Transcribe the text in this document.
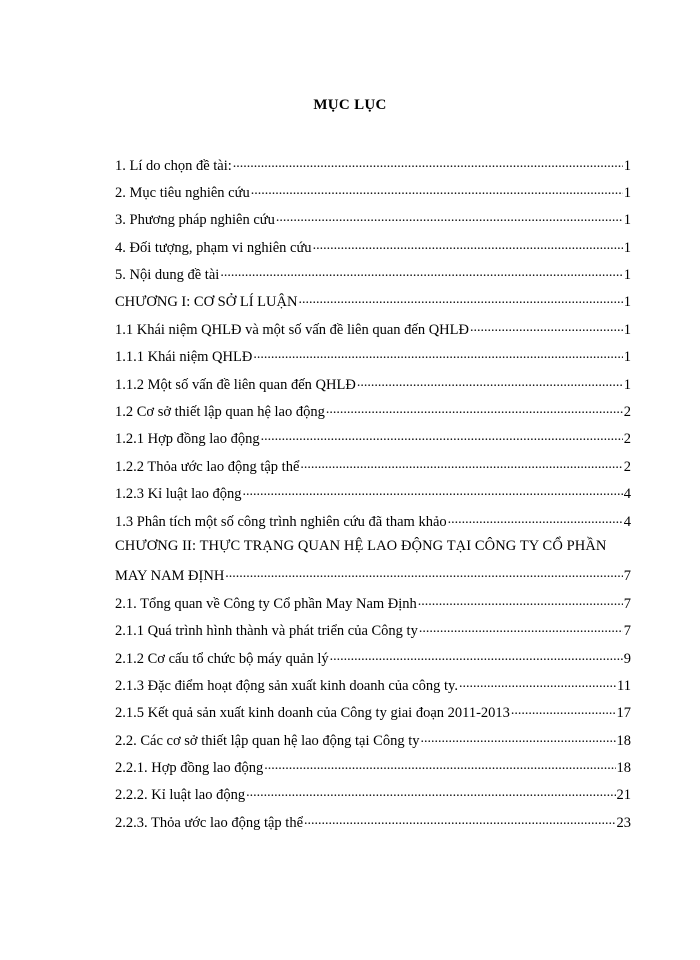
MỤC LỤC
1. Lí do chọn đề tài: .....	1
2. Mục tiêu nghiên cứu .....	1
3. Phương pháp nghiên cứu .....	1
4. Đối tượng, phạm vi nghiên cứu .....	1
5. Nội dung đề tài .....	1
CHƯƠNG I: CƠ SỞ LÍ LUẬN .....	1
1.1 Khái niệm QHLĐ và một số vấn đề liên quan đến QHLĐ .....	1
1.1.1 Khái niệm QHLĐ .....	1
1.1.2 Một số vấn đề liên quan đến QHLĐ .....	1
1.2 Cơ sở thiết lập quan hệ lao động .....	2
1.2.1 Hợp đồng lao động .....	2
1.2.2 Thỏa ước lao động tập thể .....	2
1.2.3 Kỉ luật lao động .....	4
1.3 Phân tích một số công trình nghiên cứu đã tham khảo .....	4
CHƯƠNG II: THỰC TRẠNG QUAN HỆ LAO ĐỘNG TẠI CÔNG TY CỔ PHẦN
MAY NAM ĐỊNH .....	7
2.1. Tổng quan về Công ty Cổ phần May Nam Định .....	7
2.1.1 Quá trình hình thành và phát triển của Công ty .....	7
2.1.2 Cơ cấu tổ chức bộ máy quản lý .....	9
2.1.3 Đặc điểm hoạt động sản xuất kinh doanh của công ty. .....	11
2.1.5 Kết quả sản xuất kinh doanh của Công ty giai đoạn 2011-2013 .....	17
2.2. Các cơ sở thiết lập quan hệ lao động tại Công ty .....	18
2.2.1. Hợp đồng lao động .....	18
2.2.2. Kỉ luật lao động .....	21
2.2.3. Thỏa ước lao động tập thể .....	23
